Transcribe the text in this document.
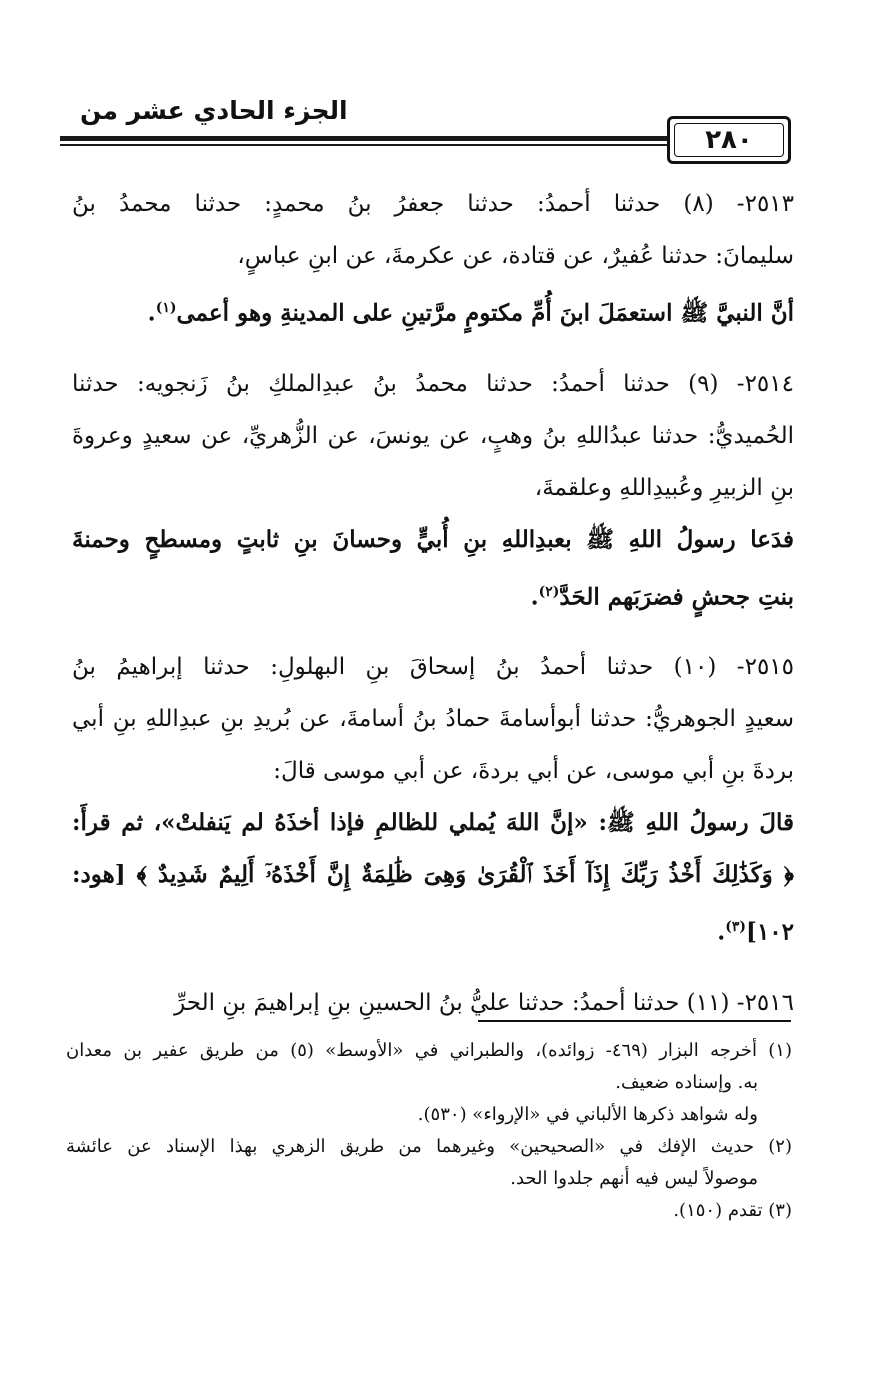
الجزء الحادي عشر من
٢٨٠
٢٥١٣- (٨) حدثنا أحمدُ: حدثنا جعفرُ بنُ محمدٍ: حدثنا محمدُ بنُ
سليمانَ: حدثنا عُفيرٌ، عن قتادة، عن عكرمةَ، عن ابنِ عباسٍ،
أنَّ النبيَّ ﷺ استعمَلَ ابنَ أُمِّ مكتومٍ مرَّتينِ على المدينةِ وهو أعمى$^{(١)}$.
٢٥١٤- (٩) حدثنا أحمدُ: حدثنا محمدُ بنُ عبدِالملكِ بنُ زَنجويه: حدثنا
الحُميديُّ: حدثنا عبدُاللهِ بنُ وهبٍ، عن يونسَ، عن الزُّهريِّ، عن سعيدٍ وعروةَ
بنِ الزبيرِ وعُبيدِاللهِ وعلقمةَ،
فدَعا رسولُ اللهِ ﷺ بعبدِاللهِ بنِ أُبيٍّ وحسانَ بنِ ثابتٍ ومسطحٍ وحمنةَ
بنتِ جحشٍ فضرَبَهم الحَدَّ$^{(٢)}$.
٢٥١٥- (١٠) حدثنا أحمدُ بنُ إسحاقَ بنِ البهلولِ: حدثنا إبراهيمُ بنُ
سعيدٍ الجوهريُّ: حدثنا أبوأسامةَ حمادُ بنُ أسامةَ، عن بُريدِ بنِ عبدِاللهِ بنِ أبي
بردةَ بنِ أبي موسى، عن أبي بردةَ، عن أبي موسى قالَ:
قالَ رسولُ اللهِ ﷺ: «إنَّ اللهَ يُملي للظالمِ فإذا أخذَهُ لم يَنفلتْ»، ثم قرأَ:
﴿ وَكَذَٰلِكَ أَخْذُ رَبِّكَ إِذَآ أَخَذَ ٱلْقُرَىٰ وَهِىَ ظَٰلِمَةٌ إِنَّ أَخْذَهُۥٓ أَلِيمٌ شَدِيدٌ ﴾ [هود:
١٠٢]$^{(٣)}$.
٢٥١٦- (١١) حدثنا أحمدُ: حدثنا عليُّ بنُ الحسينِ بنِ إبراهيمَ بنِ الحرِّ
(١) أخرجه البزار (٤٦٩- زوائده)، والطبراني في «الأوسط» (٥) من طريق عفير بن معدان
به. وإسناده ضعيف.
وله شواهد ذكرها الألباني في «الإرواء» (٥٣٠).
(٢) حديث الإفك في «الصحيحين» وغيرهما من طريق الزهري بهذا الإسناد عن عائشة
موصولاً ليس فيه أنهم جلدوا الحد.
(٣) تقدم (١٥٠).
